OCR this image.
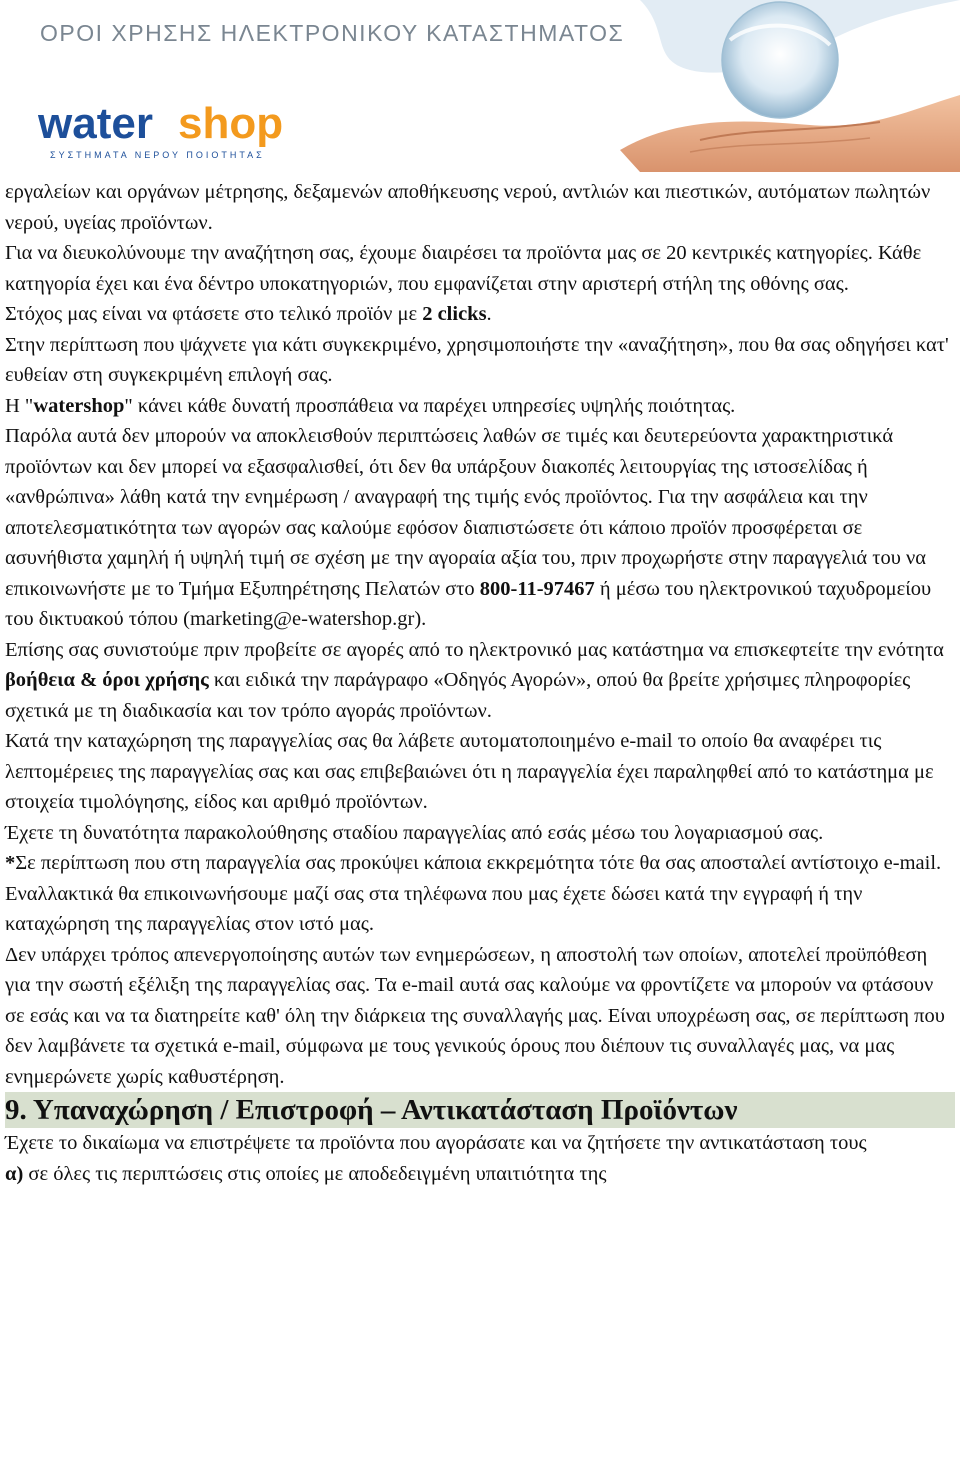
ΟΡΟΙ ΧΡΗΣΗΣ ΗΛΕΚΤΡΟΝΙΚΟΥ ΚΑΤΑΣΤΗΜΑΤΟΣ
water shop
ΣΥΣΤΗΜΑΤΑ ΝΕΡΟΥ ΠΟΙΟΤΗΤΑΣ

εργαλείων και οργάνων μέτρησης, δεξαμενών αποθήκευσης νερού, αντλιών και πιεστικών, αυτόματων πωλητών νερού, υγείας προϊόντων.

Για να διευκολύνουμε την αναζήτηση σας, έχουμε διαιρέσει τα προϊόντα μας σε 20 κεντρικές κατηγορίες. Κάθε κατηγορία έχει και ένα δέντρο υποκατηγοριών, που εμφανίζεται στην αριστερή στήλη της οθόνης σας.

Στόχος μας είναι να φτάσετε στο τελικό προϊόν με 2 clicks.

Στην περίπτωση που ψάχνετε για κάτι συγκεκριμένο, χρησιμοποιήστε την «αναζήτηση», που θα σας οδηγήσει κατ' ευθείαν στη συγκεκριμένη επιλογή σας.

Η "watershop" κάνει κάθε δυνατή προσπάθεια να παρέχει υπηρεσίες υψηλής ποιότητας.

Παρόλα αυτά δεν μπορούν να αποκλεισθούν περιπτώσεις λαθών σε τιμές και δευτερεύοντα χαρακτηριστικά προϊόντων και δεν μπορεί να εξασφαλισθεί, ότι δεν θα υπάρξουν διακοπές λειτουργίας της ιστοσελίδας ή «ανθρώπινα» λάθη κατά την ενημέρωση / αναγραφή της τιμής ενός προϊόντος. Για την ασφάλεια και την αποτελεσματικότητα των αγορών σας καλούμε εφόσον διαπιστώσετε ότι κάποιο προϊόν προσφέρεται σε ασυνήθιστα χαμηλή ή υψηλή τιμή σε σχέση με την αγοραία αξία του, πριν προχωρήστε στην παραγγελιά του να επικοινωνήστε με το Τμήμα Εξυπηρέτησης Πελατών στο 800-11-97467 ή μέσω του ηλεκτρονικού ταχυδρομείου του δικτυακού τόπου (marketing@e-watershop.gr).

Επίσης σας συνιστούμε πριν προβείτε σε αγορές από το ηλεκτρονικό μας κατάστημα να επισκεφτείτε την ενότητα βοήθεια & όροι χρήσης και ειδικά την παράγραφο «Οδηγός Αγορών», οπού θα βρείτε χρήσιμες πληροφορίες σχετικά με τη διαδικασία και τον τρόπο αγοράς προϊόντων.

Κατά την καταχώρηση της παραγγελίας σας θα λάβετε αυτοματοποιημένο e-mail το οποίο θα αναφέρει τις λεπτομέρειες της παραγγελίας σας και σας επιβεβαιώνει ότι η παραγγελία έχει παραληφθεί από το κατάστημα με στοιχεία τιμολόγησης, είδος και αριθμό προϊόντων.

Έχετε τη δυνατότητα παρακολούθησης σταδίου παραγγελίας από εσάς μέσω του λογαριασμού σας.

*Σε περίπτωση που στη παραγγελία σας προκύψει κάποια εκκρεμότητα τότε θα σας αποσταλεί αντίστοιχο e-mail.

Εναλλακτικά θα επικοινωνήσουμε μαζί σας στα τηλέφωνα που μας έχετε δώσει κατά την εγγραφή ή την καταχώρηση της παραγγελίας στον ιστό μας.

Δεν υπάρχει τρόπος απενεργοποίησης αυτών των ενημερώσεων, η αποστολή των οποίων, αποτελεί προϋπόθεση για την σωστή εξέλιξη της παραγγελίας σας. Τα e-mail αυτά σας καλούμε να φροντίζετε να μπορούν να φτάσουν σε εσάς και να τα διατηρείτε καθ' όλη την διάρκεια της συναλλαγής μας. Είναι υποχρέωση σας, σε περίπτωση που δεν λαμβάνετε τα σχετικά e-mail, σύμφωνα με τους γενικούς όρους που διέπουν τις συναλλαγές μας, να μας ενημερώνετε χωρίς καθυστέρηση.

9. Υπαναχώρηση / Επιστροφή – Αντικατάσταση Προϊόντων

Έχετε το δικαίωμα να επιστρέψετε τα προϊόντα που αγοράσατε και να ζητήσετε την αντικατάσταση τους

α) σε όλες τις περιπτώσεις στις οποίες με αποδεδειγμένη υπαιτιότητα της
